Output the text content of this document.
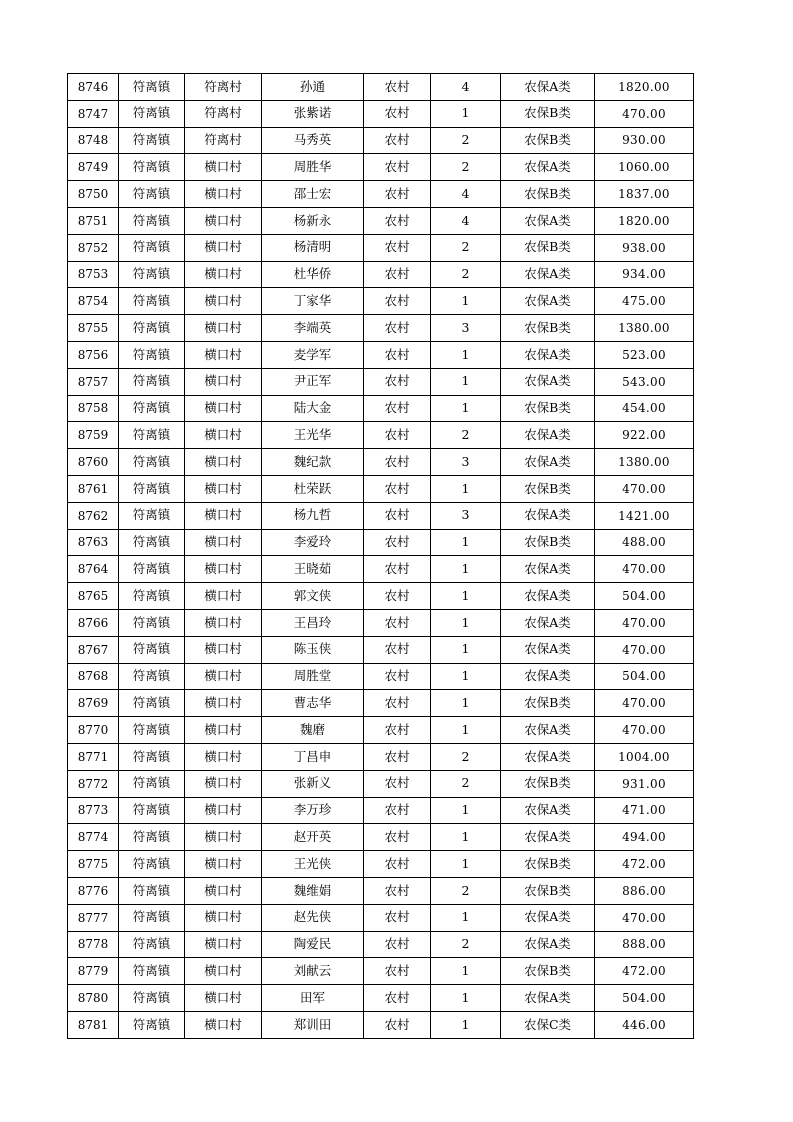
8746	符离镇	符离村	孙通	农村	4	农保A类	1820.00
8747	符离镇	符离村	张紫诺	农村	1	农保B类	470.00
8748	符离镇	符离村	马秀英	农村	2	农保B类	930.00
8749	符离镇	横口村	周胜华	农村	2	农保A类	1060.00
8750	符离镇	横口村	邵士宏	农村	4	农保B类	1837.00
8751	符离镇	横口村	杨新永	农村	4	农保A类	1820.00
8752	符离镇	横口村	杨清明	农村	2	农保B类	938.00
8753	符离镇	横口村	杜华侨	农村	2	农保A类	934.00
8754	符离镇	横口村	丁家华	农村	1	农保A类	475.00
8755	符离镇	横口村	李端英	农村	3	农保B类	1380.00
8756	符离镇	横口村	麦学军	农村	1	农保A类	523.00
8757	符离镇	横口村	尹正军	农村	1	农保A类	543.00
8758	符离镇	横口村	陆大金	农村	1	农保B类	454.00
8759	符离镇	横口村	王光华	农村	2	农保A类	922.00
8760	符离镇	横口村	魏纪款	农村	3	农保A类	1380.00
8761	符离镇	横口村	杜荣跃	农村	1	农保B类	470.00
8762	符离镇	横口村	杨九哲	农村	3	农保A类	1421.00
8763	符离镇	横口村	李爱玲	农村	1	农保B类	488.00
8764	符离镇	横口村	王晓茹	农村	1	农保A类	470.00
8765	符离镇	横口村	郭文侠	农村	1	农保A类	504.00
8766	符离镇	横口村	王昌玲	农村	1	农保A类	470.00
8767	符离镇	横口村	陈玉侠	农村	1	农保A类	470.00
8768	符离镇	横口村	周胜堂	农村	1	农保A类	504.00
8769	符离镇	横口村	曹志华	农村	1	农保B类	470.00
8770	符离镇	横口村	魏磨	农村	1	农保A类	470.00
8771	符离镇	横口村	丁昌申	农村	2	农保A类	1004.00
8772	符离镇	横口村	张新义	农村	2	农保B类	931.00
8773	符离镇	横口村	李万珍	农村	1	农保A类	471.00
8774	符离镇	横口村	赵开英	农村	1	农保A类	494.00
8775	符离镇	横口村	王光侠	农村	1	农保B类	472.00
8776	符离镇	横口村	魏维娟	农村	2	农保B类	886.00
8777	符离镇	横口村	赵先侠	农村	1	农保A类	470.00
8778	符离镇	横口村	陶爱民	农村	2	农保A类	888.00
8779	符离镇	横口村	刘献云	农村	1	农保B类	472.00
8780	符离镇	横口村	田军	农村	1	农保A类	504.00
8781	符离镇	横口村	郑训田	农村	1	农保C类	446.00
